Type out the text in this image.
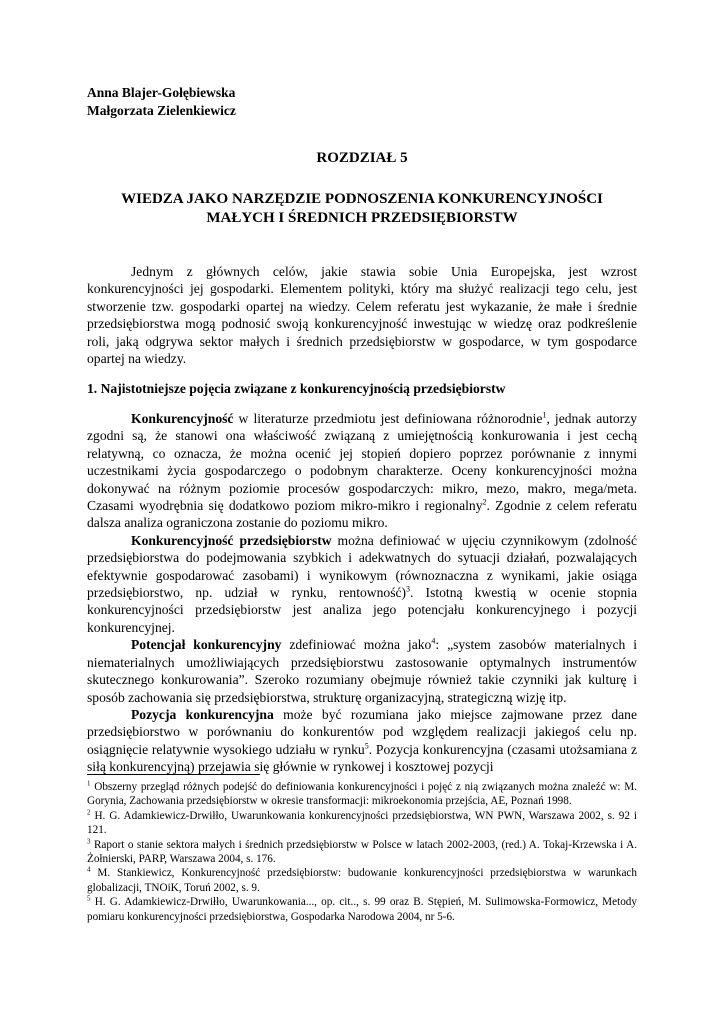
Anna Blajer-Gołębiewska
Małgorzata Zielenkiewicz
ROZDZIAŁ 5
WIEDZA JAKO NARZĘDZIE PODNOSZENIA KONKURENCYJNOŚCI MAŁYCH I ŚREDNICH PRZEDSIĘBIORSTW
Jednym z głównych celów, jakie stawia sobie Unia Europejska, jest wzrost konkurencyjności jej gospodarki. Elementem polityki, który ma służyć realizacji tego celu, jest stworzenie tzw. gospodarki opartej na wiedzy. Celem referatu jest wykazanie, że małe i średnie przedsiębiorstwa mogą podnosić swoją konkurencyjność inwestując w wiedzę oraz podkreślenie roli, jaką odgrywa sektor małych i średnich przedsiębiorstw w gospodarce, w tym gospodarce opartej na wiedzy.
1. Najistotniejsze pojęcia związane z konkurencyjnością przedsiębiorstw

Konkurencyjność w literaturze przedmiotu jest definiowana różnorodnie$^1$, jednak autorzy zgodni są, że stanowi ona właściwość związaną z umiejętnością konkurowania i jest cechą relatywną, co oznacza, że można ocenić jej stopień dopiero poprzez porównanie z innymi uczestnikami życia gospodarczego o podobnym charakterze. Oceny konkurencyjności można dokonywać na różnym poziomie procesów gospodarczych: mikro, mezo, makro, mega/meta. Czasami wyodrębnia się dodatkowo poziom mikro-mikro i regionalny$^2$. Zgodnie z celem referatu dalsza analiza ograniczona zostanie do poziomu mikro.

Konkurencyjność przedsiębiorstw można definiować w ujęciu czynnikowym (zdolność przedsiębiorstwa do podejmowania szybkich i adekwatnych do sytuacji działań, pozwalających efektywnie gospodarować zasobami) i wynikowym (równoznaczna z wynikami, jakie osiąga przedsiębiorstwo, np. udział w rynku, rentowność)$^3$. Istotną kwestią w ocenie stopnia konkurencyjności przedsiębiorstw jest analiza jego potencjału konkurencyjnego i pozycji konkurencyjnej.

Potencjał konkurencyjny zdefiniować można jako$^4$: „system zasobów materialnych i niematerialnych umożliwiających przedsiębiorstwu zastosowanie optymalnych instrumentów skutecznego konkurowania”. Szeroko rozumiany obejmuje również takie czynniki jak kulturę i sposób zachowania się przedsiębiorstwa, strukturę organizacyjną, strategiczną wizję itp.

Pozycja konkurencyjna może być rozumiana jako miejsce zajmowane przez dane przedsiębiorstwo w porównaniu do konkurentów pod względem realizacji jakiegoś celu np. osiągnięcie relatywnie wysokiego udziału w rynku$^5$. Pozycja konkurencyjna (czasami utożsamiana z siłą konkurencyjną) przejawia się głównie w rynkowej i kosztowej pozycji

$^1$ Obszerny przegląd różnych podejść do definiowania konkurencyjności i pojęć z nią związanych można znaleźć w: M. Gorynia, Zachowania przedsiębiorstw w okresie transformacji: mikroekonomia przejścia, AE, Poznań 1998.

$^2$ H. G. Adamkiewicz-Drwiłło, Uwarunkowania konkurencyjności przedsiębiorstwa, WN PWN, Warszawa 2002, s. 92 i 121.

$^3$ Raport o stanie sektora małych i średnich przedsiębiorstw w Polsce w latach 2002-2003, (red.) A. Tokaj-Krzewska i A. Żołnierski, PARP, Warszawa 2004, s. 176.

$^4$ M. Stankiewicz, Konkurencyjność przedsiębiorstw: budowanie konkurencyjności przedsiębiorstwa w warunkach globalizacji, TNOiK, Toruń 2002, s. 9.

$^5$ H. G. Adamkiewicz-Drwiłło, Uwarunkowania..., op. cit.., s. 99 oraz B. Stępień, M. Sulimowska-Formowicz, Metody pomiaru konkurencyjności przedsiębiorstwa, Gospodarka Narodowa 2004, nr 5-6.
